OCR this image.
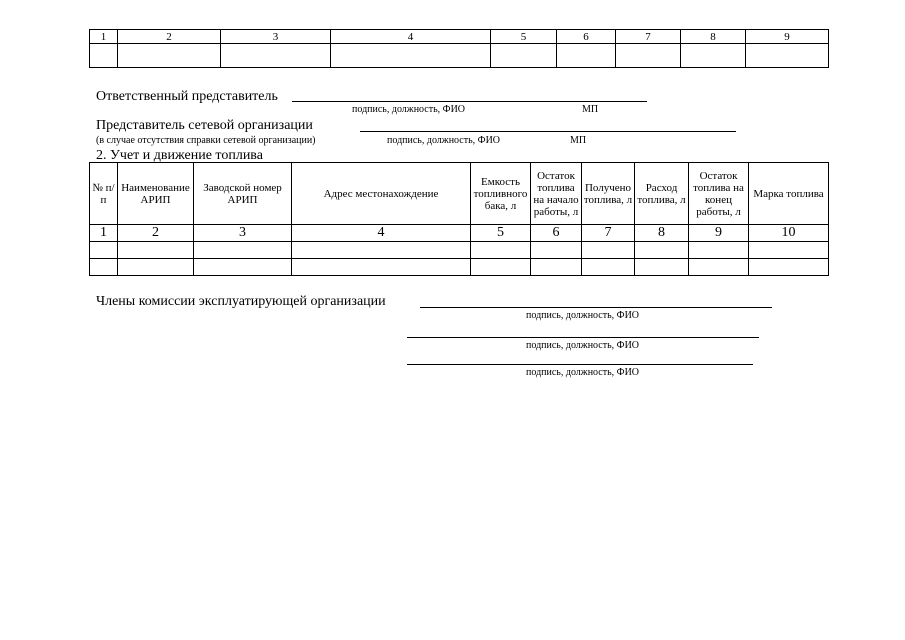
1	2	3	4	5	6	7	8	9

Ответственный представитель
подпись, должность, ФИО	МП
Представитель сетевой организации
(в случае отсутствия справки сетевой организации)	подпись, должность, ФИО	МП
2. Учет и движение топлива
№ п/п	Наименование АРИП	Заводской номер АРИП	Адрес местонахождение	Емкость топливного бака, л	Остаток топлива на начало работы, л	Получено топлива, л	Расход топлива, л	Остаток топлива на конец работы, л	Марка топлива
1	2	3	4	5	6	7	8	9	10

Члены комиссии эксплуатирующей организации
подпись, должность, ФИО
подпись, должность, ФИО
подпись, должность, ФИО
